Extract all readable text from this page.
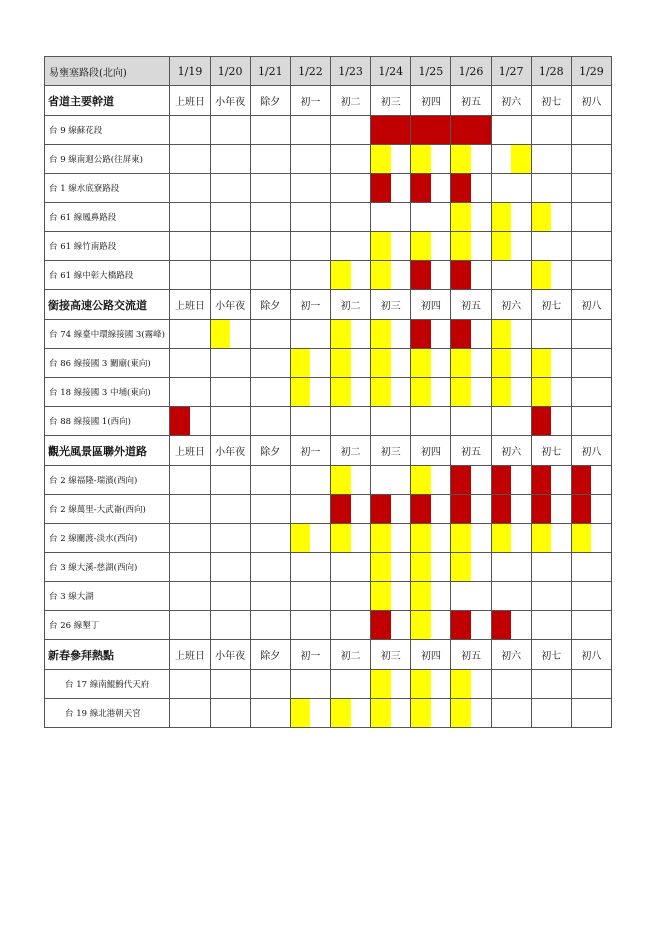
易壅塞路段(北向)	1/19	1/20	1/21	1/22	1/23	1/24	1/25	1/26	1/27	1/28	1/29
省道主要幹道	上班日	小年夜	除夕	初一	初二	初三	初四	初五	初六	初七	初八
台 9 線蘇花段											
台 9 線南迴公路(往屏東)						

台 1 線水底寮路段						

台 61 線鳳鼻路段								

台 61 線竹南路段						

台 61 線中彰大橋路段					

銜接高速公路交流道	上班日	小年夜	除夕	初一	初二	初三	初四	初五	初六	初七	初八
台 74 線臺中環線接國 3(霧峰)		

台 86 線接國 3 關廟(東向)				

台 18 線接國 3 中埔(東向)				

台 88 線接國 1(西向)	

觀光風景區聯外道路	上班日	小年夜	除夕	初一	初二	初三	初四	初五	初六	初七	初八
台 2 線福隆-瑞濱(西向)					

台 2 線萬里-大武崙(西向)					

台 2 線關渡-淡水(西向)				

台 3 線大溪-慈湖(西向)						

台 3 線大湖						

台 26 線墾丁						

新春參拜熱點	上班日	小年夜	除夕	初一	初二	初三	初四	初五	初六	初七	初八
台 17 線南鯤鯓代天府						

台 19 線北港朝天宮				
